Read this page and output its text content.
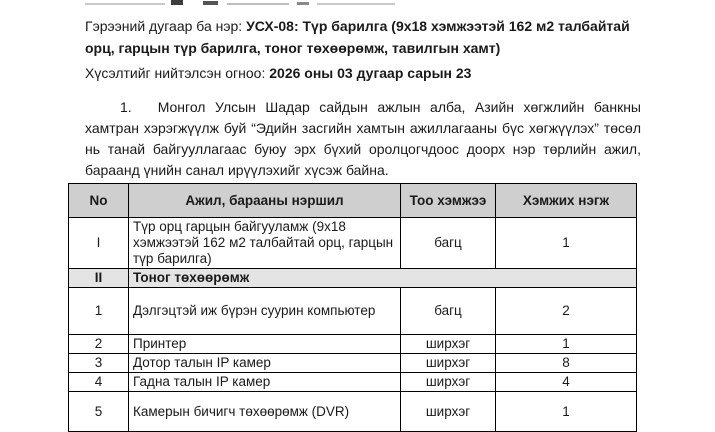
Гэрээний дугаар ба нэр: УСХ-08: Түр барилга (9х18 хэмжээтэй 162 м2 талбайтай орц, гарцын түр барилга, тоног төхөөрөмж, тавилгын хамт)
Хүсэлтийг нийтэлсэн огноо: 2026 оны 03 дугаар сарын 23
1. Монгол Улсын Шадар сайдын ажлын алба, Азийн хөгжлийн банкны хамтран хэрэгжүүлж буй “Эдийн засгийн хамтын ажиллагааны бүс хөгжүүлэх” төсөл нь танай байгууллагаас буюу эрх бүхий оролцогчдоос доорх нэр төрлийн ажил, бараанд үнийн санал ирүүлэхийг хүсэж байна.
No	Ажил, барааны нэршил	Тоо хэмжээ	Хэмжих нэгж
I	Түр орц гарцын байгууламж (9х18 хэмжээтэй 162 м2 талбайтай орц, гарцын түр барилга)	багц	1
II	Тоног төхөөрөмж		
1	Дэлгэцтэй иж бүрэн суурин компьютер	багц	2
2	Принтер	ширхэг	1
3	Дотор талын IP камер	ширхэг	8
4	Гадна талын IP камер	ширхэг	4
5	Камерын бичигч төхөөрөмж (DVR)	ширхэг	1
